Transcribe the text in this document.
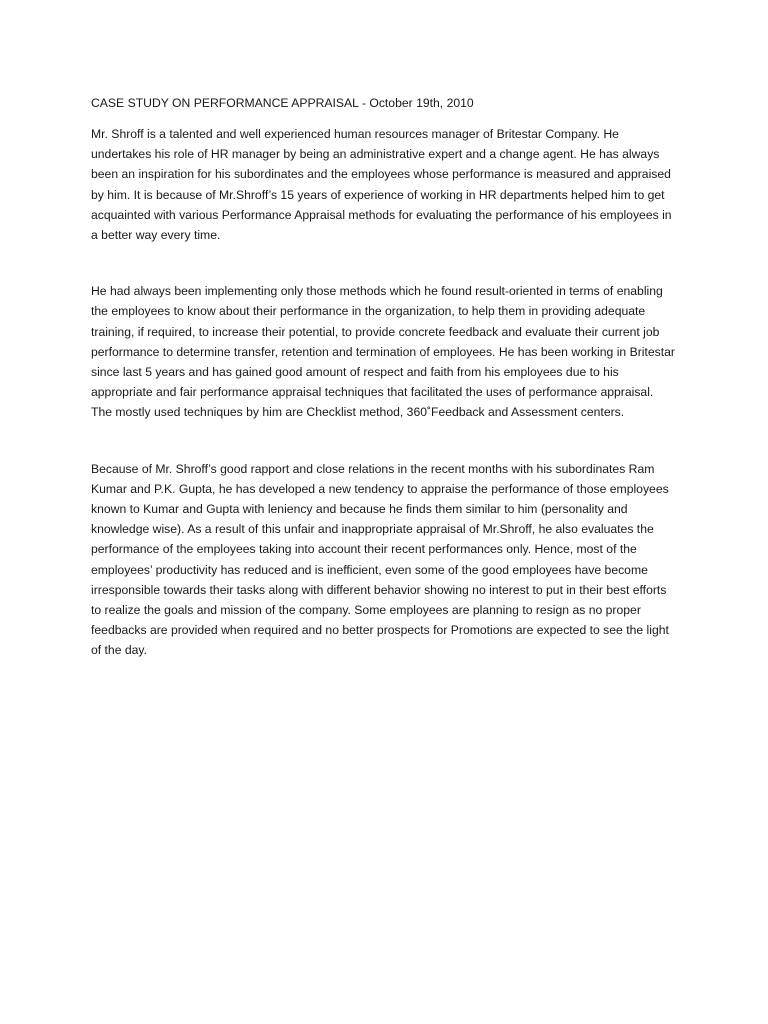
CASE STUDY ON PERFORMANCE APPRAISAL - October 19th, 2010

Mr. Shroff is a talented and well experienced human resources manager of Britestar Company. He undertakes his role of HR manager by being an administrative expert and a change agent. He has always been an inspiration for his subordinates and the employees whose performance is measured and appraised by him. It is because of Mr.Shroff’s 15 years of experience of working in HR departments helped him to get acquainted with various Performance Appraisal methods for evaluating the performance of his employees in a better way every time.

He had always been implementing only those methods which he found result-oriented in terms of enabling the employees to know about their performance in the organization, to help them in providing adequate training, if required, to increase their potential, to provide concrete feedback and evaluate their current job performance to determine transfer, retention and termination of employees. He has been working in Britestar since last 5 years and has gained good amount of respect and faith from his employees due to his appropriate and fair performance appraisal techniques that facilitated the uses of performance appraisal. The mostly used techniques by him are Checklist method, 360˚Feedback and Assessment centers.

Because of Mr. Shroff’s good rapport and close relations in the recent months with his subordinates Ram Kumar and P.K. Gupta, he has developed a new tendency to appraise the performance of those employees known to Kumar and Gupta with leniency and because he finds them similar to him (personality and knowledge wise). As a result of this unfair and inappropriate appraisal of Mr.Shroff, he also evaluates the performance of the employees taking into account their recent performances only. Hence, most of the employees’ productivity has reduced and is inefficient, even some of the good employees have become irresponsible towards their tasks along with different behavior showing no interest to put in their best efforts to realize the goals and mission of the company. Some employees are planning to resign as no proper feedbacks are provided when required and no better prospects for Promotions are expected to see the light of the day.
